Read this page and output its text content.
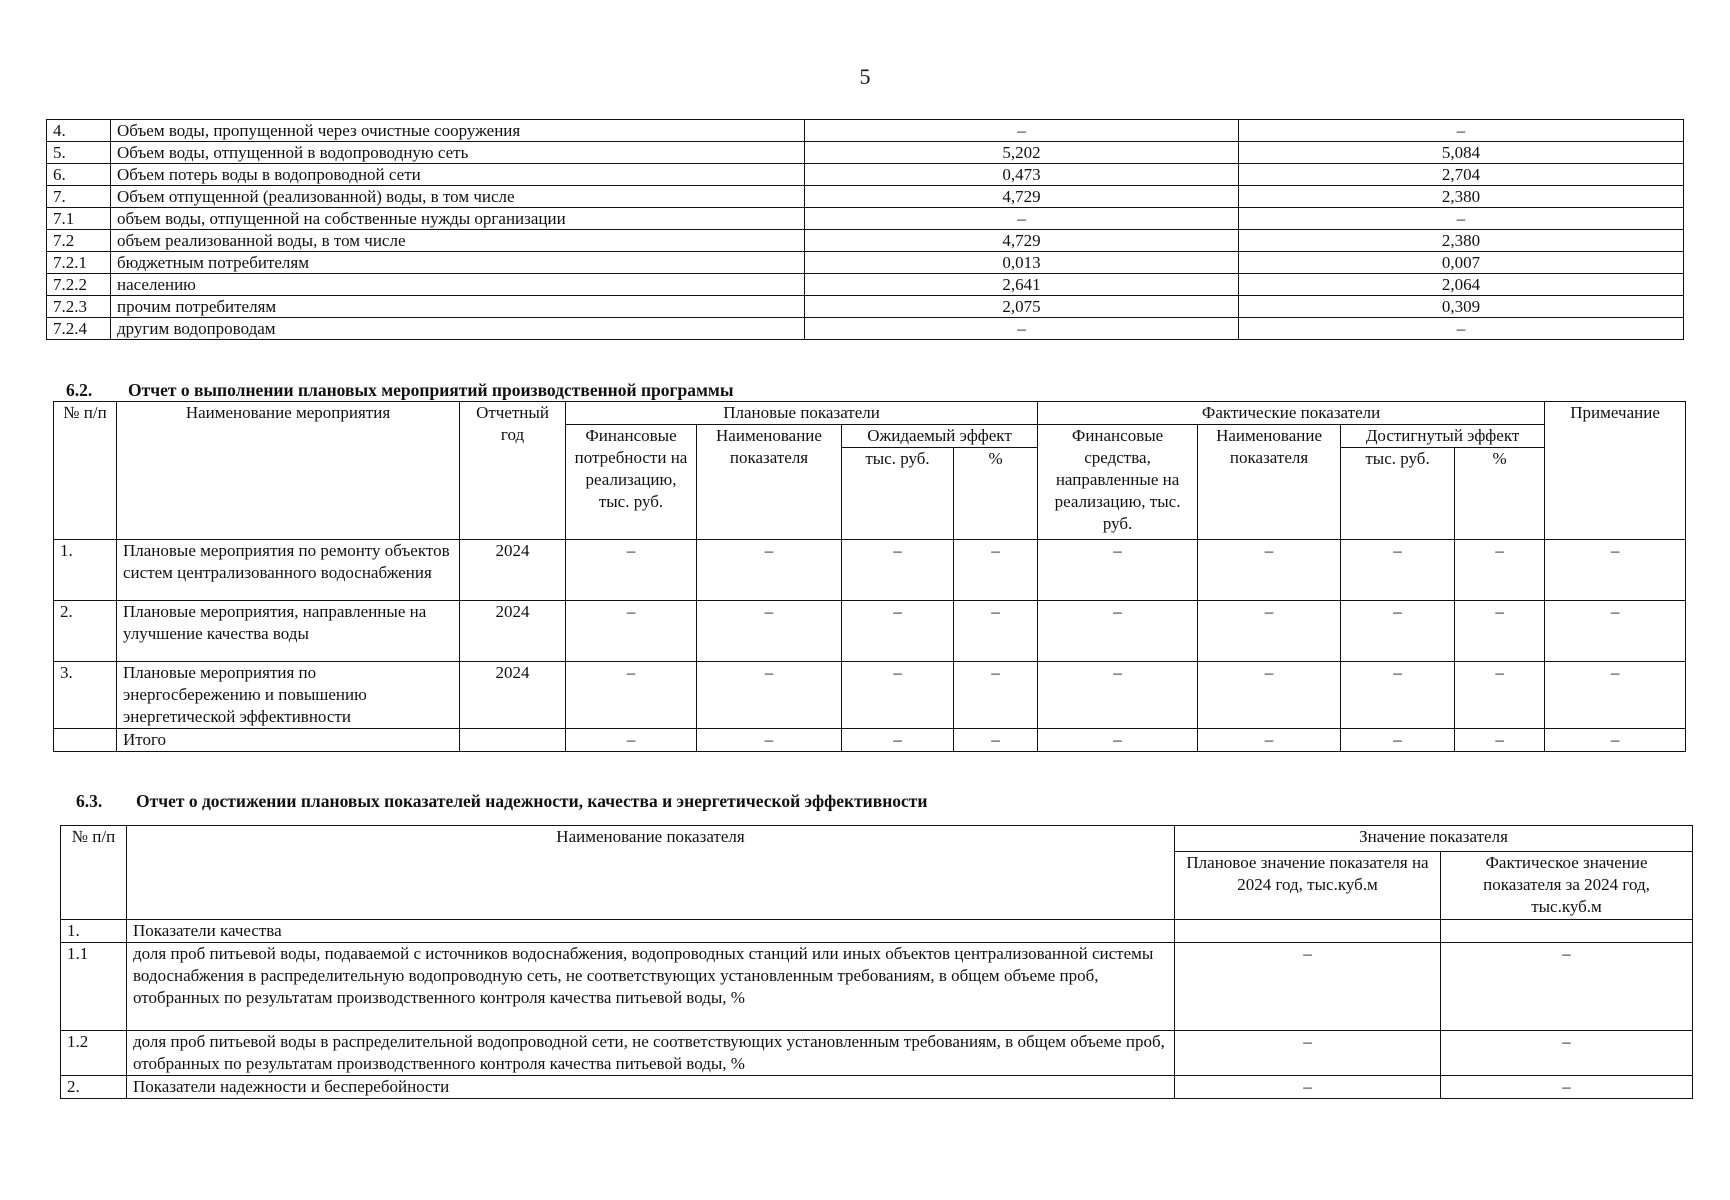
5
4.	Объем воды, пропущенной через очистные сооружения	–	–
5.	Объем воды, отпущенной в водопроводную сеть	5,202	5,084
6.	Объем потерь воды в водопроводной сети	0,473	2,704
7.	Объем отпущенной (реализованной) воды, в том числе	4,729	2,380
7.1	объем воды, отпущенной на собственные нужды организации	–	–
7.2	объем реализованной воды, в том числе	4,729	2,380
7.2.1	бюджетным потребителям	0,013	0,007
7.2.2	населению	2,641	2,064
7.2.3	прочим потребителям	2,075	0,309
7.2.4	другим водопроводам	–	–
6.2. Отчет о выполнении плановых мероприятий производственной программы
№ п/п	Наименование мероприятия	Отчетный год	Плановые показатели				Фактические показатели				Примечание
			Финансовые потребности на реализацию, тыс. руб.	Наименование показателя	Ожидаемый эффект		Финансовые средства, направленные на реализацию, тыс. руб.	Наименование показателя	Достигнутый эффект		
					тыс. руб.	%			тыс. руб.	%	
1.	Плановые мероприятия по ремонту объектов систем централизованного водоснабжения	2024	–	–	–	–	–	–	–	–	–
2.	Плановые мероприятия, направленные на улучшение качества воды	2024	–	–	–	–	–	–	–	–	–
3.	Плановые мероприятия по энергосбережению и повышению энергетической эффективности	2024	–	–	–	–	–	–	–	–	–
	Итого		–	–	–	–	–	–	–	–	–
6.3. Отчет о достижении плановых показателей надежности, качества и энергетической эффективности
№ п/п	Наименование показателя	Значение показателя	
		Плановое значение показателя на 2024 год, тыс.куб.м	Фактическое значение показателя за 2024 год, тыс.куб.м
1.	Показатели качества		
1.1	доля проб питьевой воды, подаваемой с источников водоснабжения, водопроводных станций или иных объектов централизованной системы водоснабжения в распределительную водопроводную сеть, не соответствующих установленным требованиям, в общем объеме проб, отобранных по результатам производственного контроля качества питьевой воды, %	–	–
1.2	доля проб питьевой воды в распределительной водопроводной сети, не соответствующих установленным требованиям, в общем объеме проб, отобранных по результатам производственного контроля качества питьевой воды, %	–	–
2.	Показатели надежности и бесперебойности	–	–
